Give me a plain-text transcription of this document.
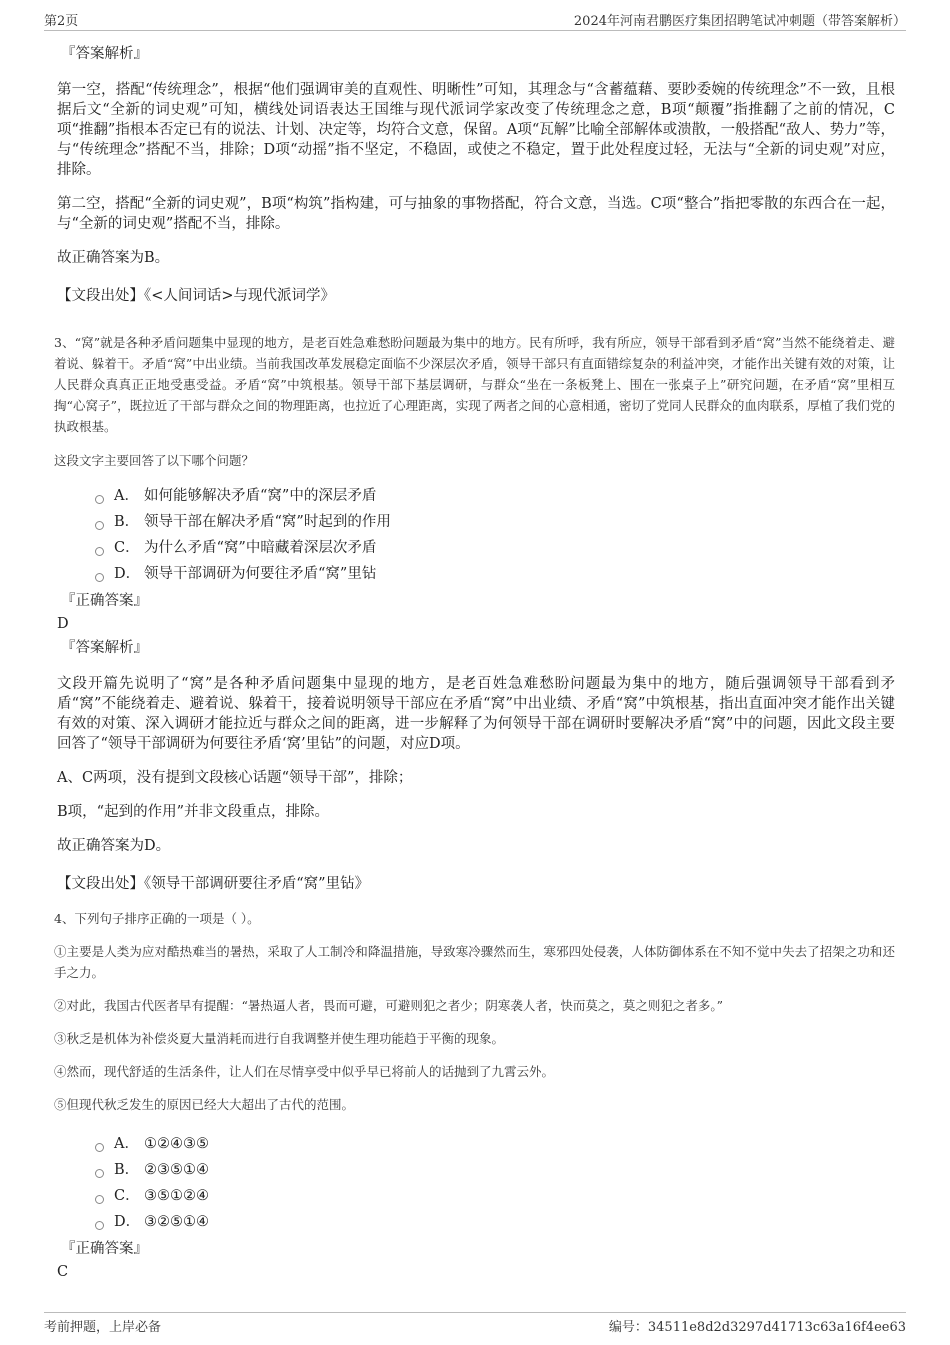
第2页	2024年河南君鹏医疗集团招聘笔试冲刺题（带答案解析）
『答案解析』

第一空，搭配“传统理念”，根据“他们强调审美的直观性、明晰性”可知，其理念与“含蓄蕴藉、要眇委婉的传统理念”不一致，且根据后文“全新的词史观”可知，横线处词语表达王国维与现代派词学家改变了传统理念之意，B项“颠覆”指推翻了之前的情况，C项“推翻”指根本否定已有的说法、计划、决定等，均符合文意，保留。A项“瓦解”比喻全部解体或溃散，一般搭配“敌人、势力”等，与“传统理念”搭配不当，排除；D项“动摇”指不坚定，不稳固，或使之不稳定，置于此处程度过轻，无法与“全新的词史观”对应，排除。

第二空，搭配“全新的词史观”，B项“构筑”指构建，可与抽象的事物搭配，符合文意，当选。C项“整合”指把零散的东西合在一起，与“全新的词史观”搭配不当，排除。

故正确答案为B。

【文段出处】《<人间词话>与现代派词学》

3、“窝”就是各种矛盾问题集中显现的地方，是老百姓急难愁盼问题最为集中的地方。民有所呼，我有所应，领导干部看到矛盾“窝”当然不能绕着走、避着说、躲着干。矛盾“窝”中出业绩。当前我国改革发展稳定面临不少深层次矛盾，领导干部只有直面错综复杂的利益冲突，才能作出关键有效的对策，让人民群众真真正正地受惠受益。矛盾“窝”中筑根基。领导干部下基层调研，与群众“坐在一条板凳上、围在一张桌子上”研究问题，在矛盾“窝”里相互掏“心窝子”，既拉近了干部与群众之间的物理距离，也拉近了心理距离，实现了两者之间的心意相通，密切了党同人民群众的血肉联系，厚植了我们党的执政根基。

这段文字主要回答了以下哪个问题？

A． 如何能够解决矛盾“窝”中的深层矛盾
B． 领导干部在解决矛盾“窝”时起到的作用
C． 为什么矛盾“窝”中暗藏着深层次矛盾
D． 领导干部调研为何要往矛盾“窝”里钻
『正确答案』
D
『答案解析』

文段开篇先说明了“窝”是各种矛盾问题集中显现的地方，是老百姓急难愁盼问题最为集中的地方，随后强调领导干部看到矛盾“窝”不能绕着走、避着说、躲着干，接着说明领导干部应在矛盾“窝”中出业绩、矛盾“窝”中筑根基，指出直面冲突才能作出关键有效的对策、深入调研才能拉近与群众之间的距离，进一步解释了为何领导干部在调研时要解决矛盾“窝”中的问题，因此文段主要回答了“领导干部调研为何要往矛盾‘窝’里钻”的问题，对应D项。

A、C两项，没有提到文段核心话题“领导干部”，排除；

B项，“起到的作用”并非文段重点，排除。

故正确答案为D。

【文段出处】《领导干部调研要往矛盾“窝”里钻》

4、下列句子排序正确的一项是（ ）。

①主要是人类为应对酷热难当的暑热，采取了人工制冷和降温措施，导致寒冷骤然而生，寒邪四处侵袭，人体防御体系在不知不觉中失去了招架之功和还手之力。

②对此，我国古代医者早有提醒：“暑热逼人者，畏而可避，可避则犯之者少；阴寒袭人者，快而莫之，莫之则犯之者多。”

③秋乏是机体为补偿炎夏大量消耗而进行自我调整并使生理功能趋于平衡的现象。

④然而，现代舒适的生活条件，让人们在尽情享受中似乎早已将前人的话抛到了九霄云外。

⑤但现代秋乏发生的原因已经大大超出了古代的范围。

A． ①②④③⑤
B． ②③⑤①④
C． ③⑤①②④
D． ③②⑤①④
『正确答案』
C
考前押题，上岸必备	编号：34511e8d2d3297d41713c63a16f4ee63
